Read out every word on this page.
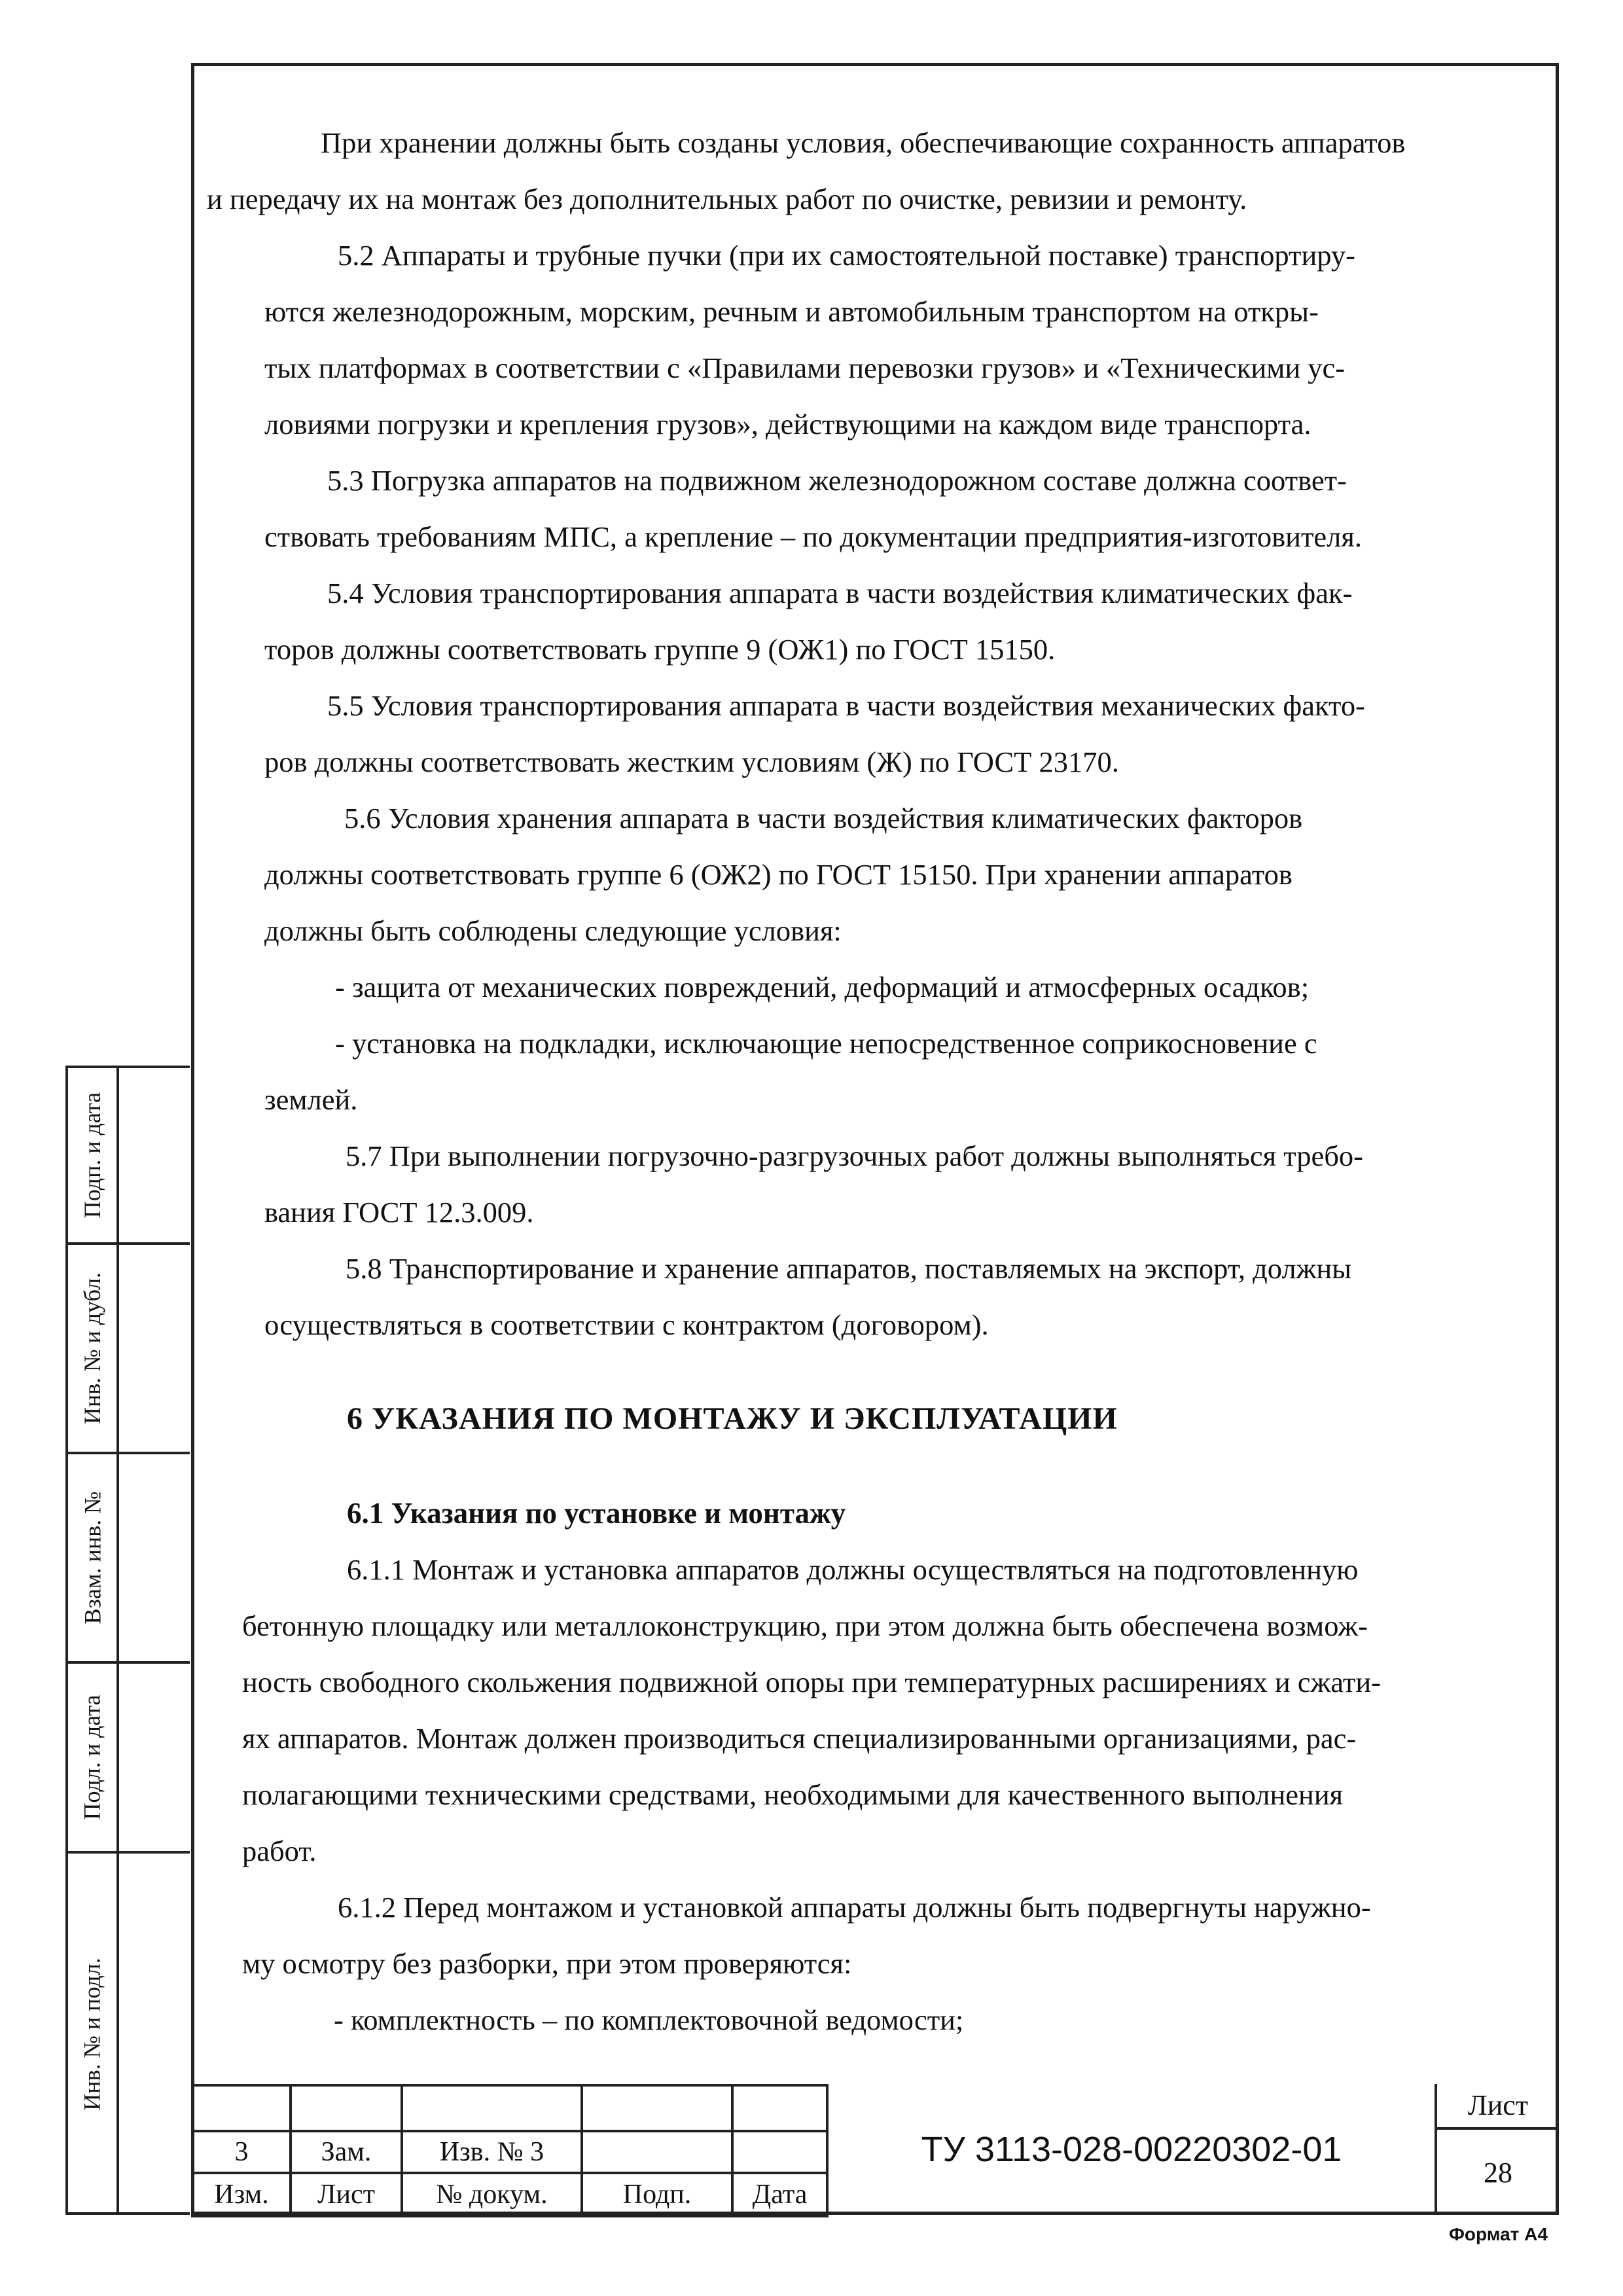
Подп. и дата
Инв. № и дубл.
Взам. инв. №
Подл. и дата
Инв. № и подл.
При хранении должны быть созданы условия, обеспечивающие сохранность аппаратов
и передачу их на монтаж без дополнительных работ по очистке, ревизии и ремонту.
5.2 Аппараты и трубные пучки (при их самостоятельной поставке) транспортиру-
ются железнодорожным, морским, речным и автомобильным транспортом на откры-
тых платформах в соответствии с «Правилами перевозки грузов» и «Техническими ус-
ловиями погрузки и крепления грузов», действующими на каждом виде транспорта.
5.3 Погрузка аппаратов на подвижном железнодорожном составе должна соответ-
ствовать требованиям МПС, а крепление – по документации предприятия-изготовителя.
5.4 Условия транспортирования аппарата в части воздействия климатических фак-
торов должны соответствовать группе 9 (ОЖ1) по ГОСТ 15150.
5.5 Условия транспортирования аппарата в части воздействия механических факто-
ров должны соответствовать жестким условиям (Ж) по ГОСТ 23170.
5.6 Условия хранения аппарата в части воздействия климатических факторов
должны соответствовать группе 6 (ОЖ2) по ГОСТ 15150. При хранении аппаратов
должны быть соблюдены следующие условия:
- защита от механических повреждений, деформаций и атмосферных осадков;
- установка на подкладки, исключающие непосредственное соприкосновение с
землей.
5.7 При выполнении погрузочно-разгрузочных работ должны выполняться требо-
вания ГОСТ 12.3.009.
5.8 Транспортирование и хранение аппаратов, поставляемых на экспорт, должны
осуществляться в соответствии с контрактом (договором).
6 УКАЗАНИЯ ПО МОНТАЖУ И ЭКСПЛУАТАЦИИ
6.1 Указания по установке и монтажу
6.1.1 Монтаж и установка аппаратов должны осуществляться на подготовленную
бетонную площадку или металлоконструкцию, при этом должна быть обеспечена возмож-
ность свободного скольжения подвижной опоры при температурных расширениях и сжати-
ях аппаратов. Монтаж должен производиться специализированными организациями, рас-
полагающими техническими средствами, необходимыми для качественного выполнения
работ.
6.1.2 Перед монтажом и установкой аппараты должны быть подвергнуты наружно-
му осмотру без разборки, при этом проверяются:
- комплектность – по комплектовочной ведомости;

3	Зам.	Изв. № 3		
Изм.	Лист	№ докум.	Подп.	Дата
ТУ 3113-028-00220302-01
Лист
28
Формат А4
